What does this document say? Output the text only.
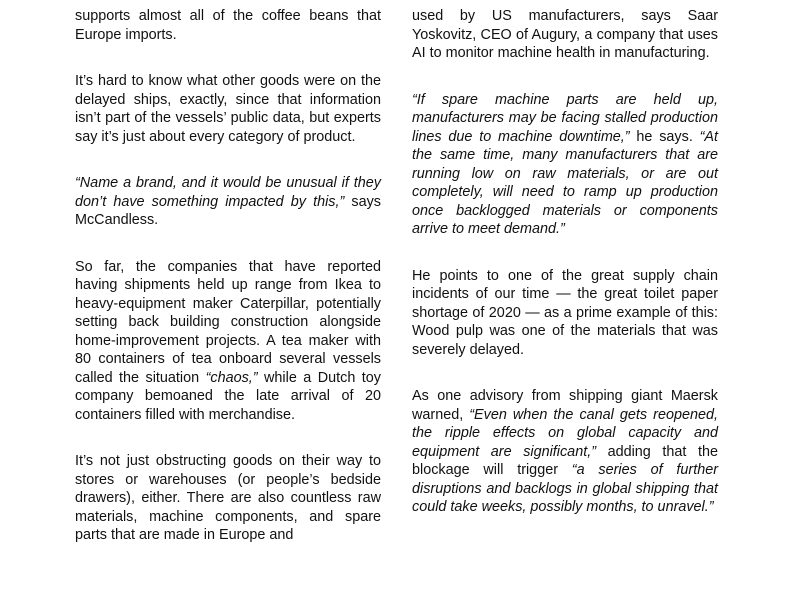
supports almost all of the coffee beans that Europe imports.

It’s hard to know what other goods were on the delayed ships, exactly, since that information isn’t part of the vessels’ public data, but experts say it’s just about every category of product.

“Name a brand, and it would be unusual if they don’t have something impacted by this,” says McCandless.

So far, the companies that have reported having shipments held up range from Ikea to heavy-equipment maker Caterpillar, potentially setting back building construction alongside home-improvement projects. A tea maker with 80 containers of tea onboard several vessels called the situation “chaos,” while a Dutch toy company bemoaned the late arrival of 20 containers filled with merchandise.

It’s not just obstructing goods on their way to stores or warehouses (or people’s bedside drawers), either. There are also countless raw materials, machine components, and spare parts that are made in Europe and

used by US manufacturers, says Saar Yoskovitz, CEO of Augury, a company that uses AI to monitor machine health in manufacturing.

“If spare machine parts are held up, manufacturers may be facing stalled production lines due to machine downtime,” he says. “At the same time, many manufacturers that are running low on raw materials, or are out completely, will need to ramp up production once backlogged materials or components arrive to meet demand.”

He points to one of the great supply chain incidents of our time — the great toilet paper shortage of 2020 — as a prime example of this: Wood pulp was one of the materials that was severely delayed.

As one advisory from shipping giant Maersk warned, “Even when the canal gets reopened, the ripple effects on global capacity and equipment are significant,” adding that the blockage will trigger “a series of further disruptions and backlogs in global shipping that could take weeks, possibly months, to unravel.”
